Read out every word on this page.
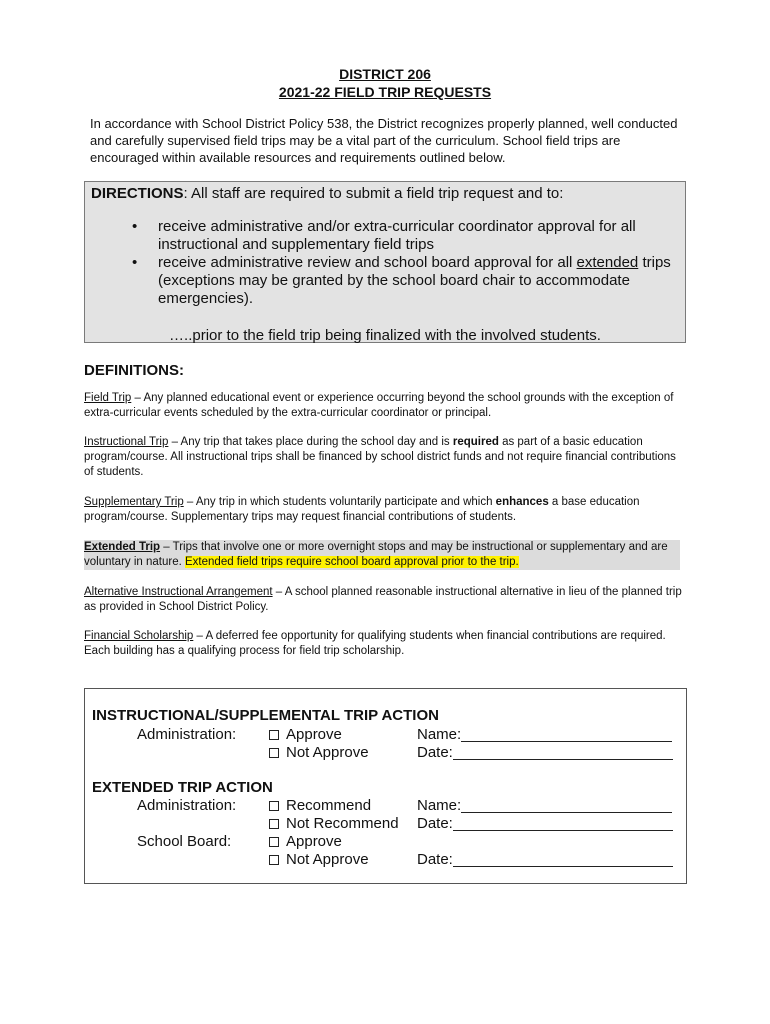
DISTRICT 206
2021-22 FIELD TRIP REQUESTS
In accordance with School District Policy 538, the District recognizes properly planned, well conducted and carefully supervised field trips may be a vital part of the curriculum. School field trips are encouraged within available resources and requirements outlined below.
DIRECTIONS: All staff are required to submit a field trip request and to:
• receive administrative and/or extra-curricular coordinator approval for all instructional and supplementary field trips
• receive administrative review and school board approval for all extended trips (exceptions may be granted by the school board chair to accommodate emergencies).
…..prior to the field trip being finalized with the involved students.
DEFINITIONS:
Field Trip – Any planned educational event or experience occurring beyond the school grounds with the exception of extra-curricular events scheduled by the extra-curricular coordinator or principal.
Instructional Trip – Any trip that takes place during the school day and is required as part of a basic education program/course. All instructional trips shall be financed by school district funds and not require financial contributions of students.
Supplementary Trip – Any trip in which students voluntarily participate and which enhances a base education program/course. Supplementary trips may request financial contributions of students.
Extended Trip – Trips that involve one or more overnight stops and may be instructional or supplementary and are voluntary in nature. Extended field trips require school board approval prior to the trip.
Alternative Instructional Arrangement – A school planned reasonable instructional alternative in lieu of the planned trip as provided in School District Policy.
Financial Scholarship – A deferred fee opportunity for qualifying students when financial contributions are required. Each building has a qualifying process for field trip scholarship.
INSTRUCTIONAL/SUPPLEMENTAL TRIP ACTION
Administration:	Approve	Name:
Not Approve	Date:
EXTENDED TRIP ACTION
Administration:	Recommend	Name:
Not Recommend Date:
School Board:	Approve
Not Approve	Date:
